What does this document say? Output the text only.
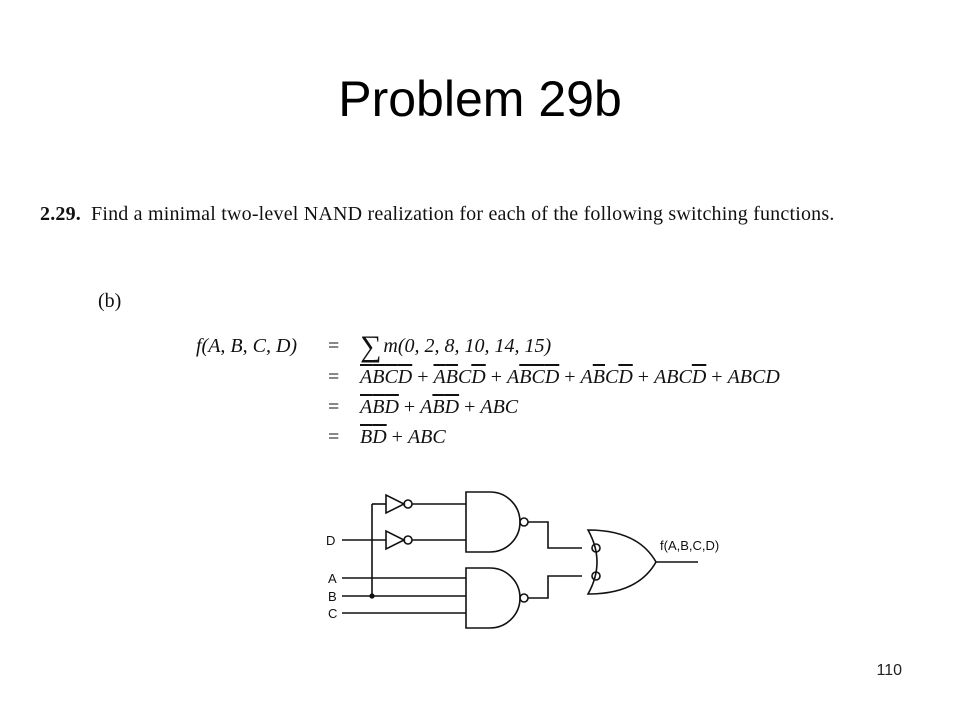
Problem 29b
2.29. Find a minimal two-level NAND realization for each of the following switching functions.
(b)
f(A, B, C, D) = ∑ m(0, 2, 8, 10, 14, 15)
= $\overline{A}\overline{B}\overline{C}\overline{D} + \overline{A}\overline{B}C\overline{D} + A\overline{B}\overline{C}\overline{D} + A\overline{B}C\overline{D} + ABC\overline{D}$ + ABCD
= $\overline{A}\overline{B}\overline{D} + A\overline{B}\overline{D}$ + ABC
= $\overline{B}\overline{D}$ + ABC
D
A
B
C
f(A,B,C,D)
110
